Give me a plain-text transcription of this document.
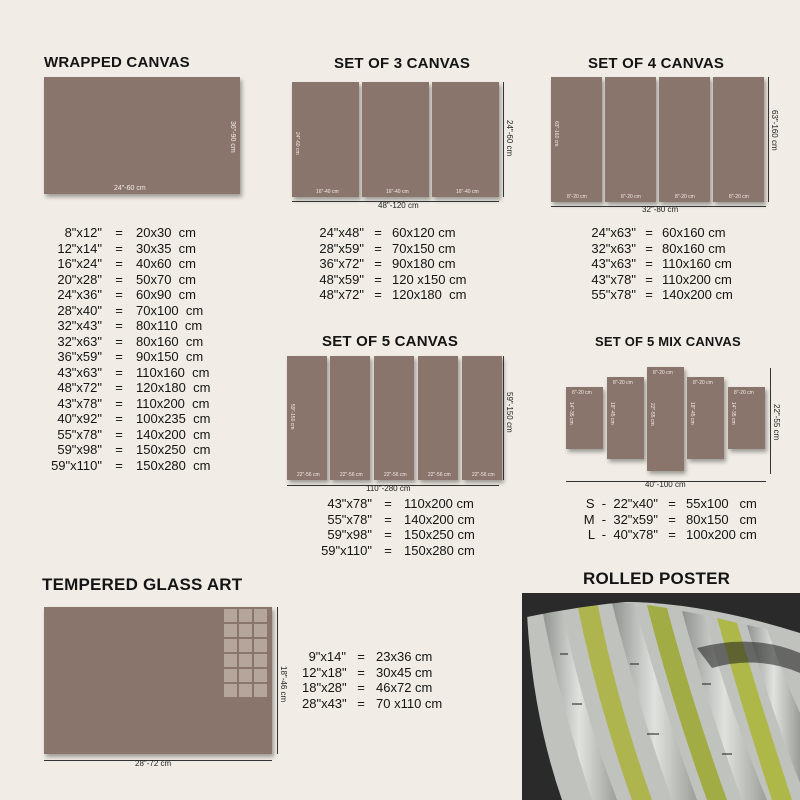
WRAPPED CANVAS
24"-60 cm
36"-90 cm
8"x12" = 20x30  cm
12"x14" = 30x35  cm
16"x24" = 40x60  cm
20"x28" = 50x70  cm
24"x36" = 60x90  cm
28"x40" = 70x100  cm
32"x43" = 80x110  cm
32"x63" = 80x160  cm
36"x59" = 90x150  cm
43"x63" = 110x160  cm
48"x72" = 120x180  cm
43"x78" = 110x200  cm
40"x92" = 100x235  cm
55"x78" = 140x200  cm
59"x98" = 150x250  cm
59"x110" = 150x280  cm
SET OF 3 CANVAS
16"-40 cm
24"-60 cm
16"-40 cm	16"-40 cm
48"-120 cm
24"-60 cm
24"x48" = 60x120 cm
28"x59" = 70x150 cm
36"x72" = 90x180 cm
48"x59" = 120 x150 cm
48"x72" = 120x180  cm
SET OF 4 CANVAS
8"-20 cm
63"-160 cm
8"-20 cm	8"-20 cm	8"-20 cm
32"-80 cm
63"-160 cm
24"x63" = 60x160 cm
32"x63" = 80x160 cm
43"x63" = 110x160 cm
43"x78" = 110x200 cm
55"x78" = 140x200 cm
SET OF 5 CANVAS
22"-56 cm
59"-150 cm
22"-56 cm	22"-56 cm	22"-56 cm	22"-56 cm
110"-280 cm
59"-150 cm
43"x78" = 110x200 cm
55"x78" = 140x200 cm
59"x98" = 150x250 cm
59"x110" = 150x280 cm
SET OF 5 MIX CANVAS
14"-35 cm
8"-20 cm
18"-45 cm
8"-20 cm
22"-55 cm
8"-20 cm
18"-45 cm
8"-20 cm
14"-35 cm
8"-20 cm
40"-100 cm
22"-55 cm
S  -  22"x40" = 55x100   cm
M  -  32"x59" = 80x150   cm
L  -  40"x78" = 100x200 cm
TEMPERED GLASS ART
28"-72 cm
18"-46 cm
9"x14" = 23x36 cm
12"x18" = 30x45 cm
18"x28" = 46x72 cm
28"x43" = 70 x110 cm
ROLLED POSTER
